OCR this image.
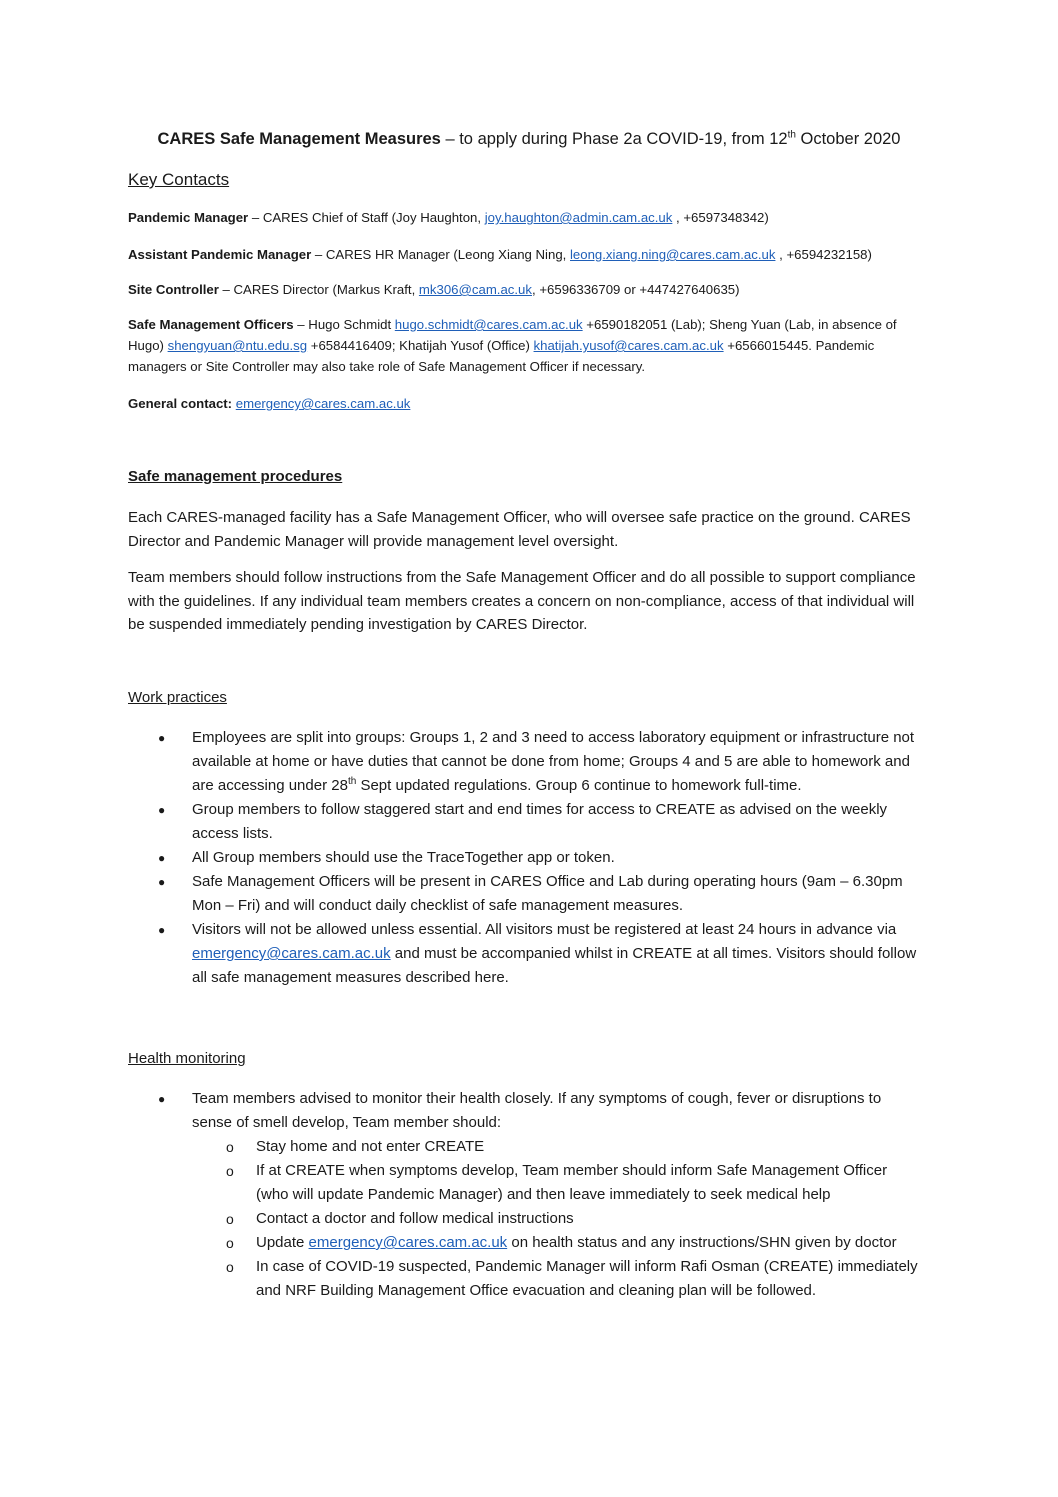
CARES Safe Management Measures – to apply during Phase 2a COVID-19, from 12th October 2020
Key Contacts
Pandemic Manager – CARES Chief of Staff (Joy Haughton, joy.haughton@admin.cam.ac.uk , +6597348342)
Assistant Pandemic Manager – CARES HR Manager (Leong Xiang Ning, leong.xiang.ning@cares.cam.ac.uk , +6594232158)
Site Controller – CARES Director (Markus Kraft, mk306@cam.ac.uk, +6596336709 or +447427640635)
Safe Management Officers – Hugo Schmidt hugo.schmidt@cares.cam.ac.uk +6590182051 (Lab); Sheng Yuan (Lab, in absence of Hugo) shengyuan@ntu.edu.sg +6584416409; Khatijah Yusof (Office) khatijah.yusof@cares.cam.ac.uk +6566015445. Pandemic managers or Site Controller may also take role of Safe Management Officer if necessary.
General contact: emergency@cares.cam.ac.uk
Safe management procedures

Each CARES-managed facility has a Safe Management Officer, who will oversee safe practice on the ground. CARES Director and Pandemic Manager will provide management level oversight.

Team members should follow instructions from the Safe Management Officer and do all possible to support compliance with the guidelines. If any individual team members creates a concern on non-compliance, access of that individual will be suspended immediately pending investigation by CARES Director.

Work practices
● Employees are split into groups: Groups 1, 2 and 3 need to access laboratory equipment or infrastructure not available at home or have duties that cannot be done from home; Groups 4 and 5 are able to homework and are accessing under 28th Sept updated regulations. Group 6 continue to homework full-time.
● Group members to follow staggered start and end times for access to CREATE as advised on the weekly access lists.
● All Group members should use the TraceTogether app or token.
● Safe Management Officers will be present in CARES Office and Lab during operating hours (9am – 6.30pm Mon – Fri) and will conduct daily checklist of safe management measures.
● Visitors will not be allowed unless essential. All visitors must be registered at least 24 hours in advance via emergency@cares.cam.ac.uk and must be accompanied whilst in CREATE at all times. Visitors should follow all safe management measures described here.
Health monitoring
● Team members advised to monitor their health closely. If any symptoms of cough, fever or disruptions to sense of smell develop, Team member should:
o Stay home and not enter CREATE
o If at CREATE when symptoms develop, Team member should inform Safe Management Officer (who will update Pandemic Manager) and then leave immediately to seek medical help
o Contact a doctor and follow medical instructions
o Update emergency@cares.cam.ac.uk on health status and any instructions/SHN given by doctor
o In case of COVID-19 suspected, Pandemic Manager will inform Rafi Osman (CREATE) immediately and NRF Building Management Office evacuation and cleaning plan will be followed.
